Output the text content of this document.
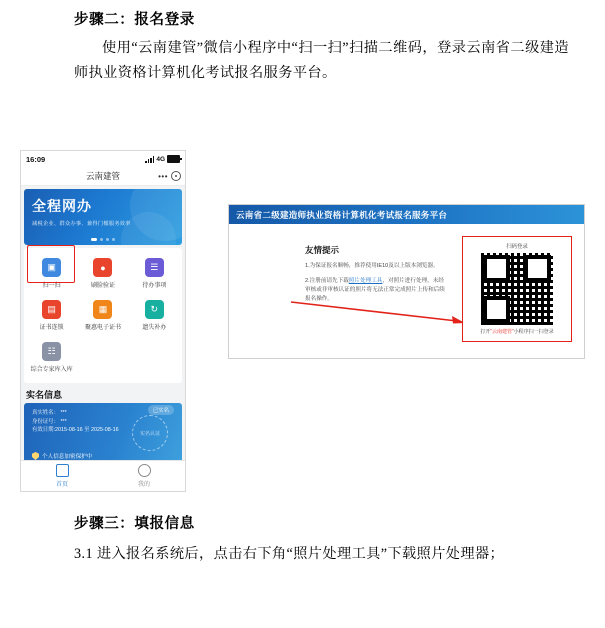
步骤二：报名登录

使用“云南建管”微信小程序中“扫一扫”扫描二维码，登录云南省二级建造师执业资格计算机化考试报名服务平台。

16:09	4G
云南建管	•••
全程网办
减税企业、群众办事、兼得门槛服务效率
▣
扫一扫
●
刷脸验证
☰
待办事项
▤
证书连锁
▦
聚惠电子证书
↻
遗失补办
☷
综合专家库入库
实名信息
已实名
真实姓名： ***
身份证号： ***
有效日期:2015-08-16 至 2025-08-16
实名认证
个人信息加密保护中
首页	我的
云南省二级建造师执业资格计算机化考试报名服务平台
友情提示
1.为保证报名顺畅，推荐使用IE10及以上版本浏览器。
2.注册前请先下载照片处理工具，对照片进行处理，未经审核或非审核认证的照片将无法正常完成照片上传和后续报名操作。
扫码登录
打开“云南建管”小程序扫一扫登录

步骤三：填报信息

3.1 进入报名系统后，点击右下角“照片处理工具”下载照片处理器；
